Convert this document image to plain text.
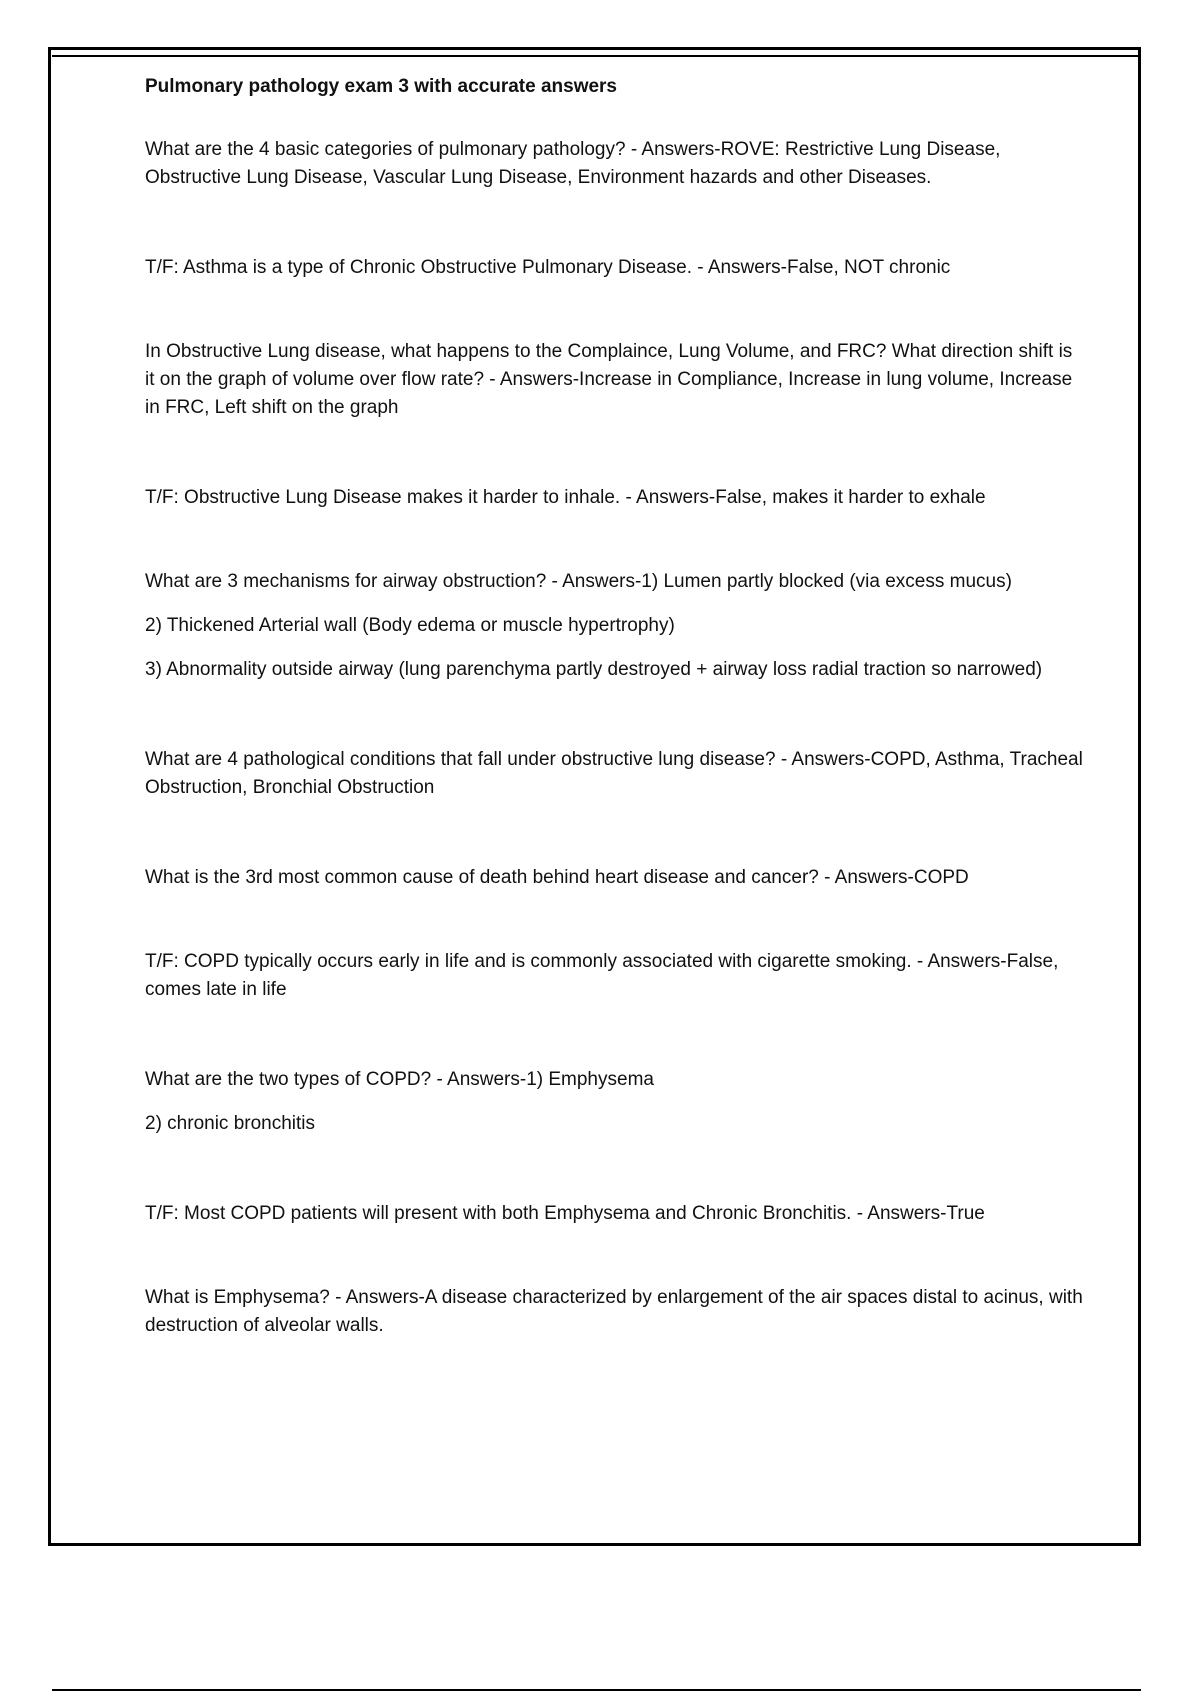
Pulmonary pathology exam 3 with accurate answers

What are the 4 basic categories of pulmonary pathology? - Answers-ROVE: Restrictive Lung Disease, Obstructive Lung Disease, Vascular Lung Disease, Environment hazards and other Diseases.

T/F: Asthma is a type of Chronic Obstructive Pulmonary Disease. - Answers-False, NOT chronic

In Obstructive Lung disease, what happens to the Complaince, Lung Volume, and FRC? What direction shift is it on the graph of volume over flow rate? - Answers-Increase in Compliance, Increase in lung volume, Increase in FRC, Left shift on the graph

T/F: Obstructive Lung Disease makes it harder to inhale. - Answers-False, makes it harder to exhale

What are 3 mechanisms for airway obstruction? - Answers-1) Lumen partly blocked (via excess mucus)

2) Thickened Arterial wall (Body edema or muscle hypertrophy)

3) Abnormality outside airway (lung parenchyma partly destroyed + airway loss radial traction so narrowed)

What are 4 pathological conditions that fall under obstructive lung disease? - Answers-COPD, Asthma, Tracheal Obstruction, Bronchial Obstruction

What is the 3rd most common cause of death behind heart disease and cancer? - Answers-COPD

T/F: COPD typically occurs early in life and is commonly associated with cigarette smoking. - Answers-False, comes late in life

What are the two types of COPD? - Answers-1) Emphysema

2) chronic bronchitis

T/F: Most COPD patients will present with both Emphysema and Chronic Bronchitis. - Answers-True

What is Emphysema? - Answers-A disease characterized by enlargement of the air spaces distal to acinus, with destruction of alveolar walls.
